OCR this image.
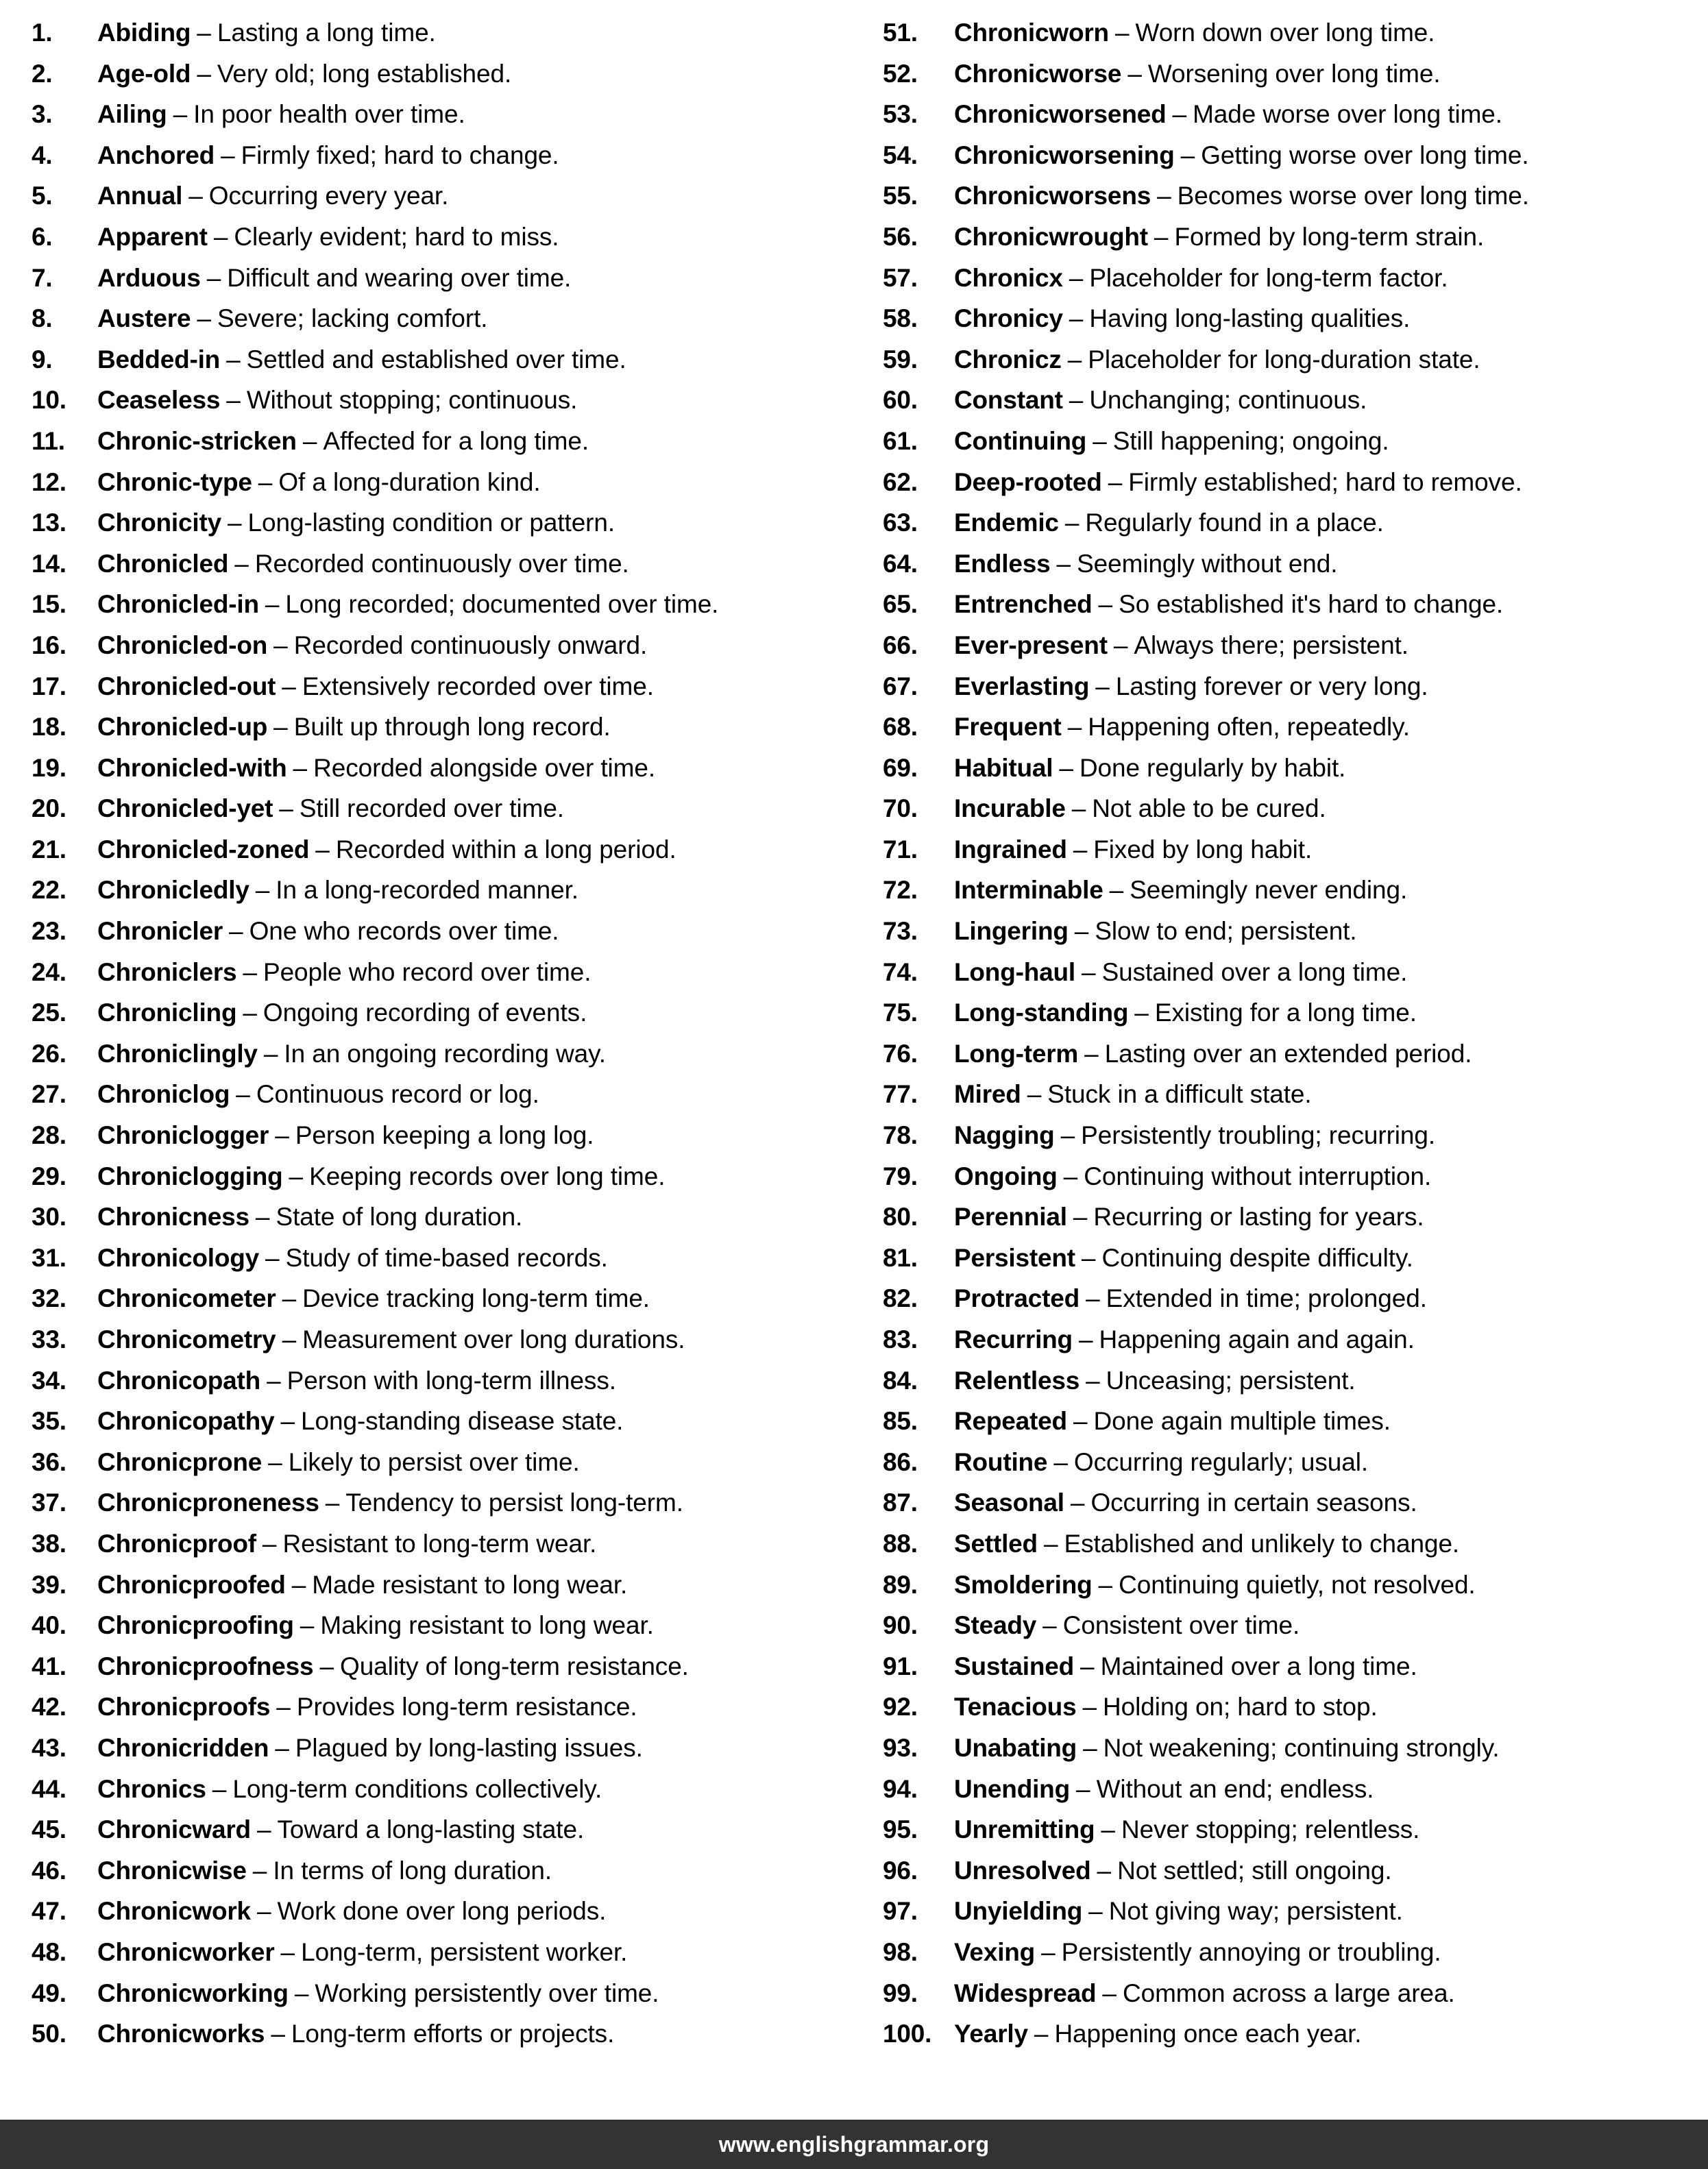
1.	Abiding – Lasting a long time.
2.	Age-old – Very old; long established.
3.	Ailing – In poor health over time.
4.	Anchored – Firmly fixed; hard to change.
5.	Annual – Occurring every year.
6.	Apparent – Clearly evident; hard to miss.
7.	Arduous – Difficult and wearing over time.
8.	Austere – Severe; lacking comfort.
9.	Bedded-in – Settled and established over time.
10.	Ceaseless – Without stopping; continuous.
11.	Chronic-stricken – Affected for a long time.
12.	Chronic-type – Of a long-duration kind.
13.	Chronicity – Long-lasting condition or pattern.
14.	Chronicled – Recorded continuously over time.
15.	Chronicled-in – Long recorded; documented over time.
16.	Chronicled-on – Recorded continuously onward.
17.	Chronicled-out – Extensively recorded over time.
18.	Chronicled-up – Built up through long record.
19.	Chronicled-with – Recorded alongside over time.
20.	Chronicled-yet – Still recorded over time.
21.	Chronicled-zoned – Recorded within a long period.
22.	Chronicledly – In a long-recorded manner.
23.	Chronicler – One who records over time.
24.	Chroniclers – People who record over time.
25.	Chronicling – Ongoing recording of events.
26.	Chroniclingly – In an ongoing recording way.
27.	Chroniclog – Continuous record or log.
28.	Chroniclogger – Person keeping a long log.
29.	Chroniclogging – Keeping records over long time.
30.	Chronicness – State of long duration.
31.	Chronicology – Study of time-based records.
32.	Chronicometer – Device tracking long-term time.
33.	Chronicometry – Measurement over long durations.
34.	Chronicopath – Person with long-term illness.
35.	Chronicopathy – Long-standing disease state.
36.	Chronicprone – Likely to persist over time.
37.	Chronicproneness – Tendency to persist long-term.
38.	Chronicproof – Resistant to long-term wear.
39.	Chronicproofed – Made resistant to long wear.
40.	Chronicproofing – Making resistant to long wear.
41.	Chronicproofness – Quality of long-term resistance.
42.	Chronicproofs – Provides long-term resistance.
43.	Chronicridden – Plagued by long-lasting issues.
44.	Chronics – Long-term conditions collectively.
45.	Chronicward – Toward a long-lasting state.
46.	Chronicwise – In terms of long duration.
47.	Chronicwork – Work done over long periods.
48.	Chronicworker – Long-term, persistent worker.
49.	Chronicworking – Working persistently over time.
50.	Chronicworks – Long-term efforts or projects.
51.	Chronicworn – Worn down over long time.
52.	Chronicworse – Worsening over long time.
53.	Chronicworsened – Made worse over long time.
54.	Chronicworsening – Getting worse over long time.
55.	Chronicworsens – Becomes worse over long time.
56.	Chronicwrought – Formed by long-term strain.
57.	Chronicx – Placeholder for long-term factor.
58.	Chronicy – Having long-lasting qualities.
59.	Chronicz – Placeholder for long-duration state.
60.	Constant – Unchanging; continuous.
61.	Continuing – Still happening; ongoing.
62.	Deep-rooted – Firmly established; hard to remove.
63.	Endemic – Regularly found in a place.
64.	Endless – Seemingly without end.
65.	Entrenched – So established it's hard to change.
66.	Ever-present – Always there; persistent.
67.	Everlasting – Lasting forever or very long.
68.	Frequent – Happening often, repeatedly.
69.	Habitual – Done regularly by habit.
70.	Incurable – Not able to be cured.
71.	Ingrained – Fixed by long habit.
72.	Interminable – Seemingly never ending.
73.	Lingering – Slow to end; persistent.
74.	Long-haul – Sustained over a long time.
75.	Long-standing – Existing for a long time.
76.	Long-term – Lasting over an extended period.
77.	Mired – Stuck in a difficult state.
78.	Nagging – Persistently troubling; recurring.
79.	Ongoing – Continuing without interruption.
80.	Perennial – Recurring or lasting for years.
81.	Persistent – Continuing despite difficulty.
82.	Protracted – Extended in time; prolonged.
83.	Recurring – Happening again and again.
84.	Relentless – Unceasing; persistent.
85.	Repeated – Done again multiple times.
86.	Routine – Occurring regularly; usual.
87.	Seasonal – Occurring in certain seasons.
88.	Settled – Established and unlikely to change.
89.	Smoldering – Continuing quietly, not resolved.
90.	Steady – Consistent over time.
91.	Sustained – Maintained over a long time.
92.	Tenacious – Holding on; hard to stop.
93.	Unabating – Not weakening; continuing strongly.
94.	Unending – Without an end; endless.
95.	Unremitting – Never stopping; relentless.
96.	Unresolved – Not settled; still ongoing.
97.	Unyielding – Not giving way; persistent.
98.	Vexing – Persistently annoying or troubling.
99.	Widespread – Common across a large area.
100. Yearly – Happening once each year.
www.englishgrammar.org
